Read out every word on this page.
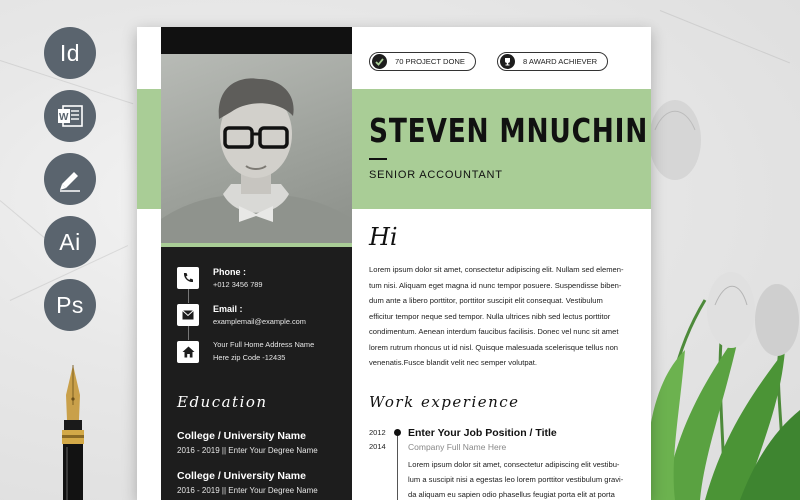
Id
W
Ai
Ps
Phone :
+012 3456 789
Email :
examplemail@example.com
Your Full Home Address Name
Here zip Code -12435
Education
College / University Name
2016 - 2019 || Enter Your Degree Name
College / University Name
2016 - 2019 || Enter Your Degree Name
70 PROJECT DONE	8 AWARD ACHIEVER
STEVEN MNUCHIN
SENIOR ACCOUNTANT
Hi
Lorem ipsum dolor sit amet, consectetur adipiscing elit. Nullam sed elemen-
tum nisi. Aliquam eget magna id nunc tempor posuere. Suspendisse biben-
dum ante a libero porttitor, porttitor suscipit elit consequat. Vestibulum
efficitur tempor neque sed tempor. Nulla ultrices nibh sed lectus porttitor
condimentum. Aenean interdum faucibus facilisis. Donec vel nunc sit amet
lorem rutrum rhoncus ut id nisl. Quisque malesuada scelerisque tellus non
venenatis.Fusce blandit velit nec semper volutpat.
Work experience
2012
2014
Enter Your Job Position / Title
Company Full Name Here
Lorem ipsum dolor sit amet, consectetur adipiscing elit vestibu-
lum a suscipit nisi a egestas leo lorem porttitor vestibulum gravi-
da aliquam eu sapien odio phasellus feugiat porta elit at porta
